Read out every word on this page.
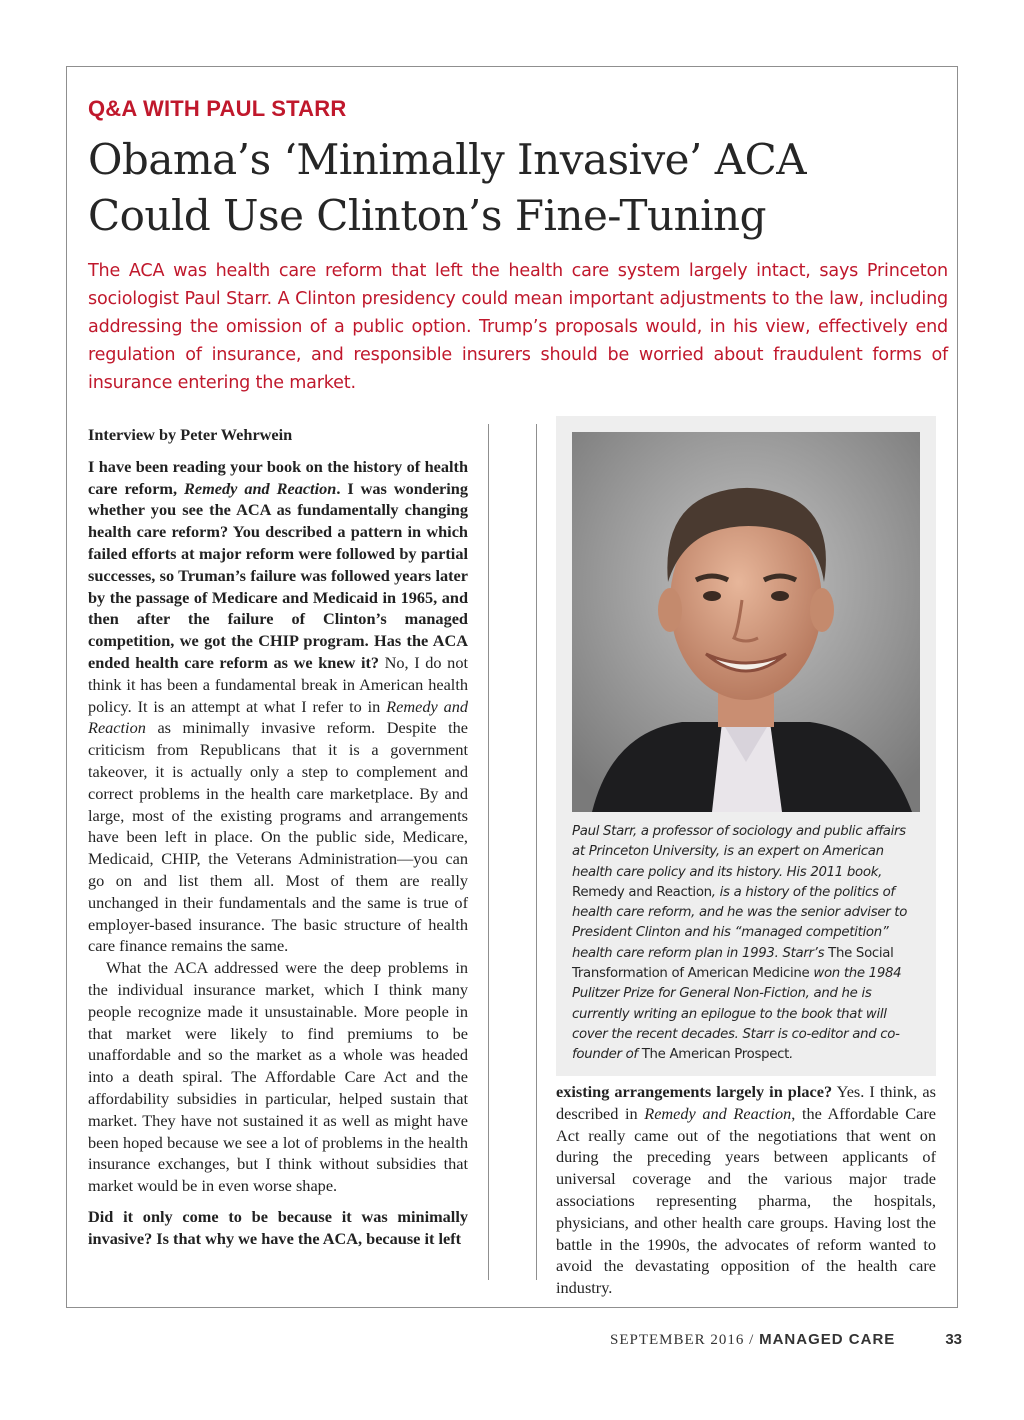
Q&A WITH PAUL STARR
Obama’s ‘Minimally Invasive’ ACA
Could Use Clinton’s Fine-Tuning

The ACA was health care reform that left the health care system largely intact, says Princeton sociologist Paul Starr. A Clinton presidency could mean important adjustments to the law, including addressing the omission of a public option. Trump’s proposals would, in his view, effectively end regulation of insurance, and responsible insurers should be worried about fraudulent forms of insurance entering the market.

Interview by Peter Wehrwein

I have been reading your book on the history of health care reform, Remedy and Reaction. I was wondering whether you see the ACA as fundamentally changing health care reform? You described a pattern in which failed efforts at major reform were followed by partial successes, so Truman’s failure was followed years later by the passage of Medicare and Medicaid in 1965, and then after the failure of Clinton’s managed competition, we got the CHIP program. Has the ACA ended health care reform as we knew it? No, I do not think it has been a fundamental break in American health policy. It is an attempt at what I refer to in Remedy and Reaction as minimally invasive reform. Despite the criticism from Republicans that it is a government takeover, it is actually only a step to complement and correct problems in the health care marketplace. By and large, most of the existing programs and arrangements have been left in place. On the public side, Medicare, Medicaid, CHIP, the Veterans Administration—you can go on and list them all. Most of them are really unchanged in their fundamentals and the same is true of employer-based insurance. The basic structure of health care finance remains the same.

What the ACA addressed were the deep problems in the individual insurance market, which I think many people recognize made it unsustainable. More people in that market were likely to find premiums to be unaffordable and so the market as a whole was headed into a death spiral. The Affordable Care Act and the affordability subsidies in particular, helped sustain that market. They have not sustained it as well as might have been hoped because we see a lot of problems in the health insurance exchanges, but I think without subsidies that market would be in even worse shape.

Did it only come to be because it was minimally invasive? Is that why we have the ACA, because it left

Paul Starr, a professor of sociology and public affairs at Princeton University, is an expert on American health care policy and its history. His 2011 book, Remedy and Reaction, is a history of the politics of health care reform, and he was the senior adviser to President Clinton and his “managed competition” health care reform plan in 1993. Starr’s The Social Transformation of American Medicine won the 1984 Pulitzer Prize for General Non-Fiction, and he is currently writing an epilogue to the book that will cover the recent decades. Starr is co-editor and co-founder of The American Prospect.

existing arrangements largely in place? Yes. I think, as described in Remedy and Reaction, the Affordable Care Act really came out of the negotiations that went on during the preceding years between applicants of universal coverage and the various major trade associations representing pharma, the hospitals, physicians, and other health care groups. Having lost the battle in the 1990s, the advocates of reform wanted to avoid the devastating opposition of the health care industry.

SEPTEMBER 2016 / MANAGED CARE	33
